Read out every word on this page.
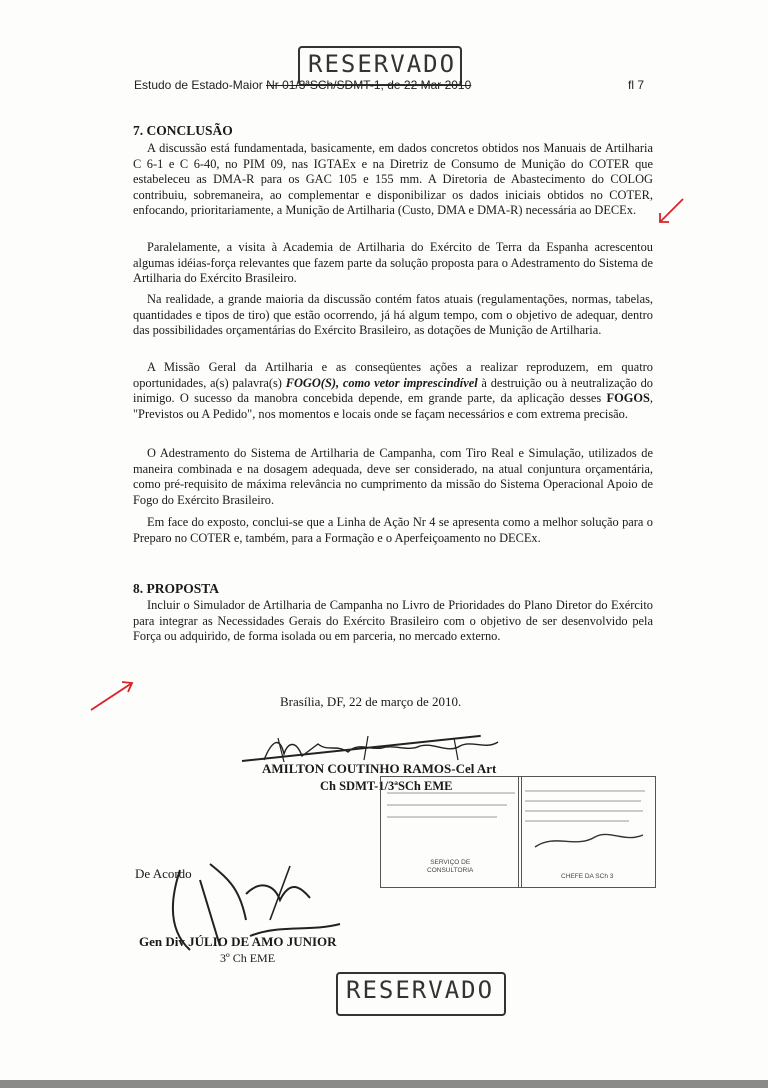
RESERVADO
Estudo de Estado-Maior Nr 01/3ªSCh/SDMT-1, de 22 Mar 2010	fl 7
7. CONCLUSÃO

A discussão está fundamentada, basicamente, em dados concretos obtidos nos Manuais de Artilharia C 6-1 e C 6-40, no PIM 09, nas IGTAEx e na Diretriz de Consumo de Munição do COTER que estabeleceu as DMA-R para os GAC 105 e 155 mm. A Diretoria de Abastecimento do COLOG contribuiu, sobremaneira, ao complementar e disponibilizar os dados iniciais obtidos no COTER, enfocando, prioritariamente, a Munição de Artilharia (Custo, DMA e DMA-R) necessária ao DECEx.

Paralelamente, a visita à Academia de Artilharia do Exército de Terra da Espanha acrescentou algumas idéias-força relevantes que fazem parte da solução proposta para o Adestramento do Sistema de Artilharia do Exército Brasileiro.

Na realidade, a grande maioria da discussão contém fatos atuais (regulamentações, normas, tabelas, quantidades e tipos de tiro) que estão ocorrendo, já há algum tempo, com o objetivo de adequar, dentro das possibilidades orçamentárias do Exército Brasileiro, as dotações de Munição de Artilharia.

A Missão Geral da Artilharia e as conseqüentes ações a realizar reproduzem, em quatro oportunidades, a(s) palavra(s) FOGO(S), como vetor imprescindível à destruição ou à neutralização do inimigo. O sucesso da manobra concebida depende, em grande parte, da aplicação desses FOGOS, "Previstos ou A Pedido", nos momentos e locais onde se façam necessários e com extrema precisão.

O Adestramento do Sistema de Artilharia de Campanha, com Tiro Real e Simulação, utilizados de maneira combinada e na dosagem adequada, deve ser considerado, na atual conjuntura orçamentária, como pré-requisito de máxima relevância no cumprimento da missão do Sistema Operacional Apoio de Fogo do Exército Brasileiro.

Em face do exposto, conclui-se que a Linha de Ação Nr 4 se apresenta como a melhor solução para o Preparo no COTER e, também, para a Formação e o Aperfeiçoamento no DECEx.

8. PROPOSTA

Incluir o Simulador de Artilharia de Campanha no Livro de Prioridades do Plano Diretor do Exército para integrar as Necessidades Gerais do Exército Brasileiro com o objetivo de ser desenvolvido pela Força ou adquirido, de forma isolada ou em parceria, no mercado externo.

Brasília, DF, 22 de março de 2010.
AMILTON COUTINHO RAMOS-Cel Art
Ch SDMT-1/3ªSCh EME
SERVIÇO DE
CONSULTORIA
CHEFE DA SCh 3
De Acordo
Gen Div JÚLIO DE AMO JUNIOR
3º Ch EME
RESERVADO
